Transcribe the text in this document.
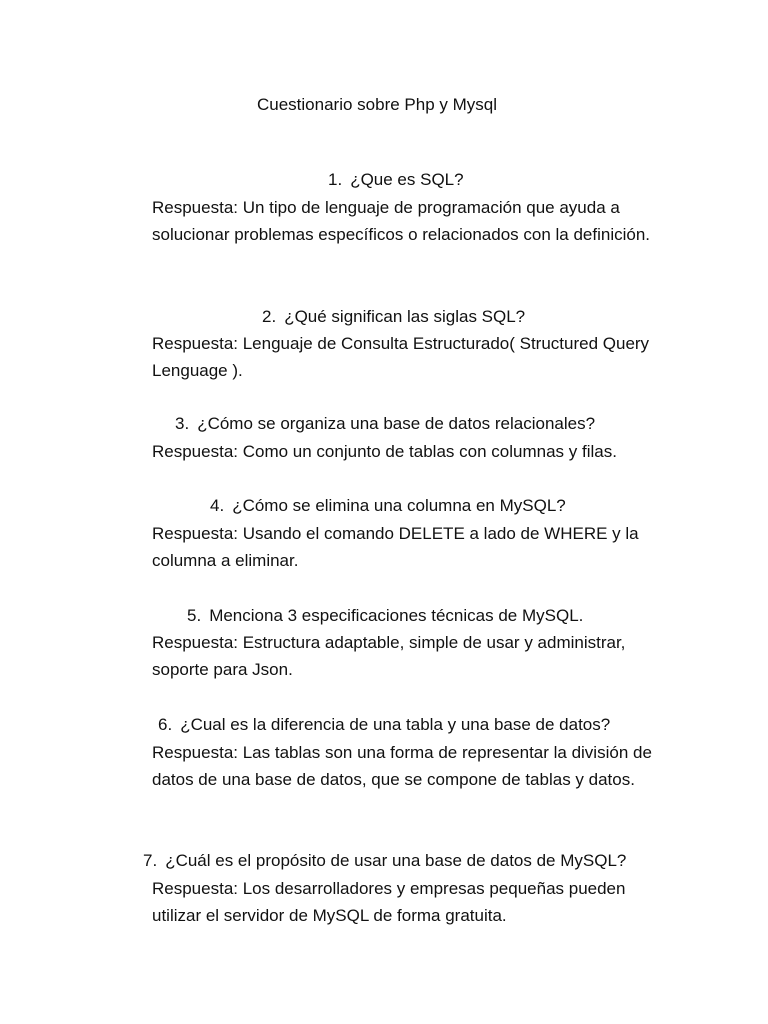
Cuestionario sobre Php y Mysql
1. ¿Que es SQL?
Respuesta: Un tipo de lenguaje de programación que ayuda a solucionar problemas específicos o relacionados con la definición.
2. ¿Qué significan las siglas SQL?
Respuesta: Lenguaje de Consulta Estructurado( Structured Query Lenguage ).
3. ¿Cómo se organiza una base de datos relacionales?
Respuesta: Como un conjunto de tablas con columnas y filas.
4. ¿Cómo se elimina una columna en MySQL?
Respuesta: Usando el comando DELETE a lado de WHERE y la columna a eliminar.
5. Menciona 3 especificaciones técnicas de MySQL.
Respuesta: Estructura adaptable, simple de usar y administrar, soporte para Json.
6. ¿Cual es la diferencia de una tabla y una base de datos?
Respuesta: Las tablas son una forma de representar la división de datos de una base de datos, que se compone de tablas y datos.
7. ¿Cuál es el propósito de usar una base de datos de MySQL?
Respuesta: Los desarrolladores y empresas pequeñas pueden utilizar el servidor de MySQL de forma gratuita.
